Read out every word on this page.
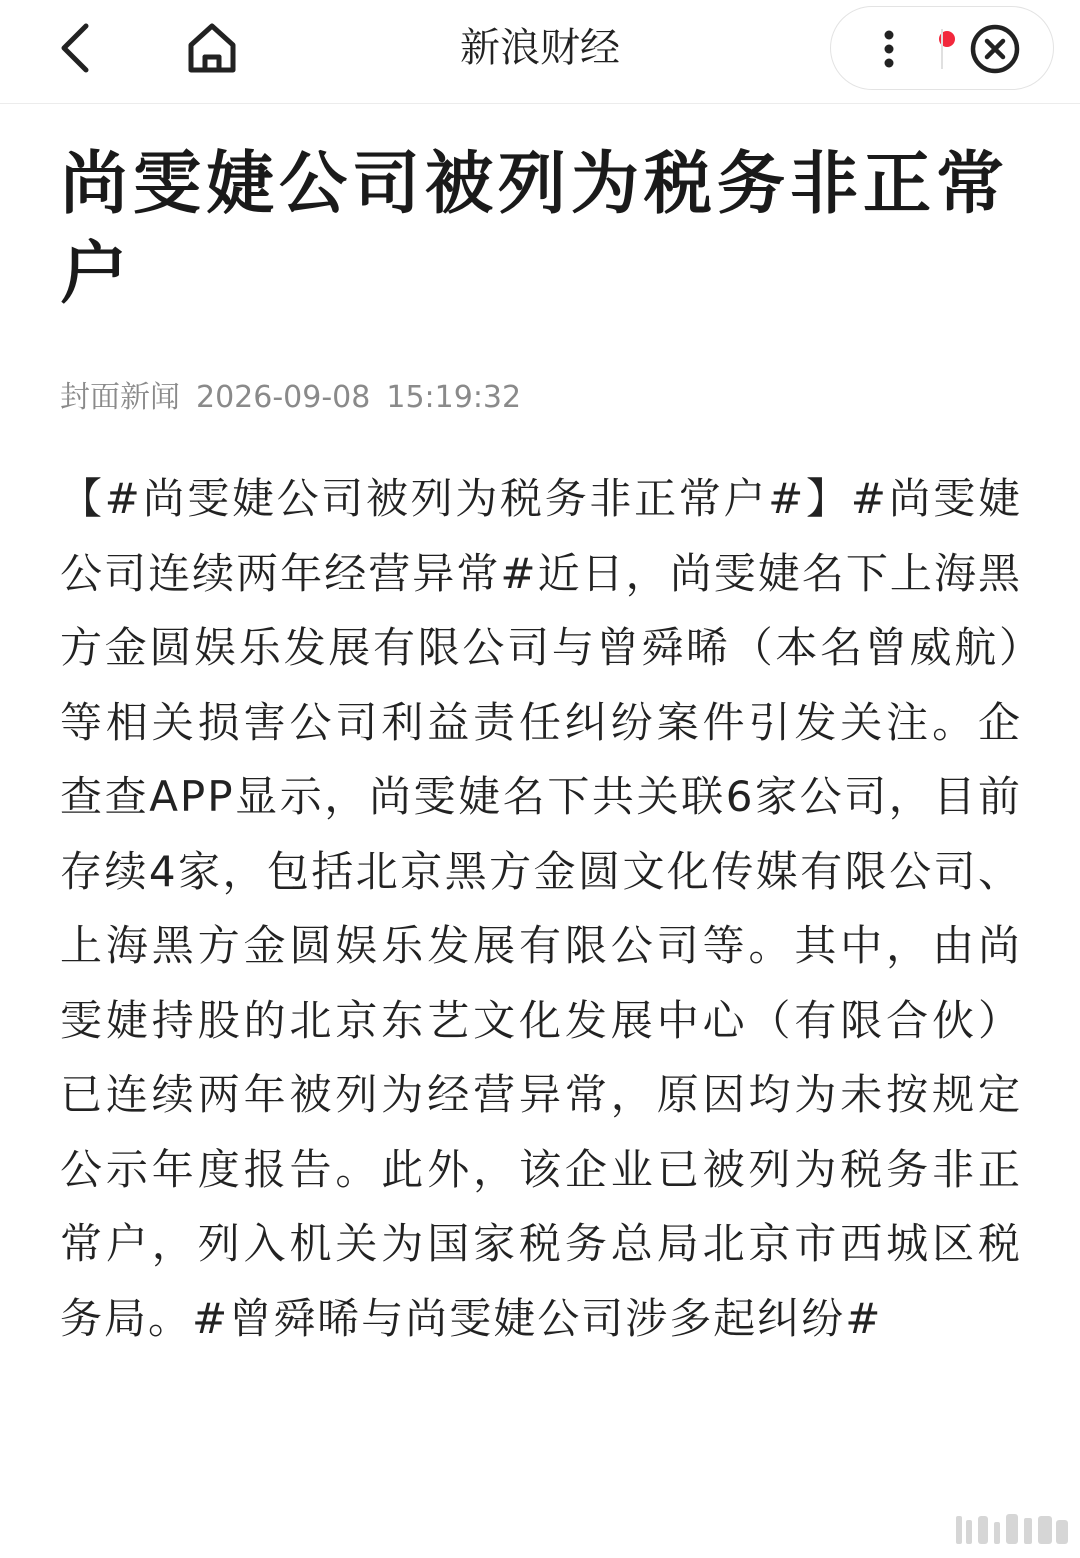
新浪财经
尚雯婕公司被列为税务非正常户
封面新闻 2026-09-08 15:19:32

【#尚雯婕公司被列为税务非正常户#】#尚雯婕公司连续两年经营异常#近日，尚雯婕名下上海黑方金圆娱乐发展有限公司与曾舜晞（本名曾威航）等相关损害公司利益责任纠纷案件引发关注。企查查APP显示，尚雯婕名下共关联6家公司，目前存续4家，包括北京黑方金圆文化传媒有限公司、上海黑方金圆娱乐发展有限公司等。其中，由尚雯婕持股的北京东艺文化发展中心（有限合伙）已连续两年被列为经营异常，原因均为未按规定公示年度报告。此外，该企业已被列为税务非正常户，列入机关为国家税务总局北京市西城区税务局。#曾舜晞与尚雯婕公司涉多起纠纷#
